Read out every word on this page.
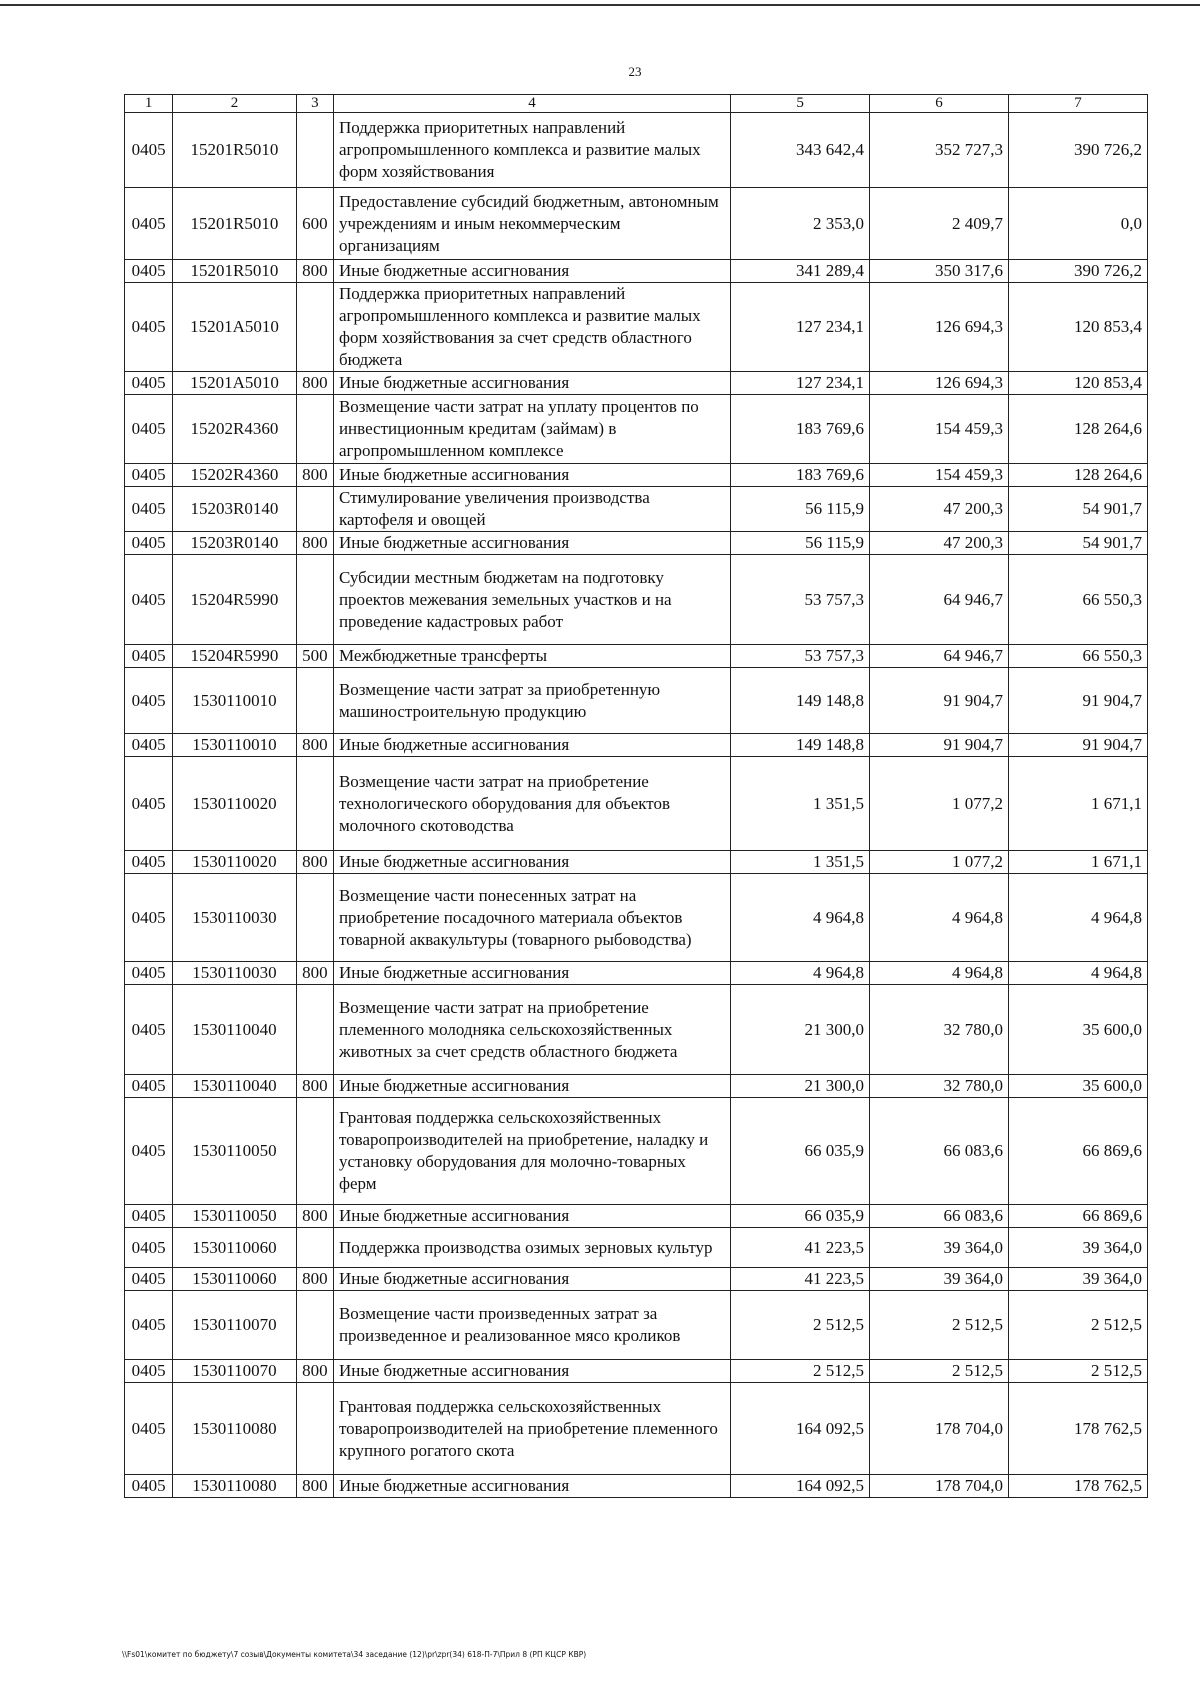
23
1	2	3	4	5	6	7
0405	15201R5010		Поддержка приоритетных направлений агропромышленного комплекса и развитие малых форм хозяйствования	343 642,4	352 727,3	390 726,2
0405	15201R5010	600	Предоставление субсидий бюджетным, автономным учреждениям и иным некоммерческим организациям	2 353,0	2 409,7	0,0
0405	15201R5010	800	Иные бюджетные ассигнования	341 289,4	350 317,6	390 726,2
0405	15201A5010		Поддержка приоритетных направлений агропромышленного комплекса и развитие малых форм хозяйствования за счет средств областного бюджета	127 234,1	126 694,3	120 853,4
0405	15201A5010	800	Иные бюджетные ассигнования	127 234,1	126 694,3	120 853,4
0405	15202R4360		Возмещение части затрат на уплату процентов по инвестиционным кредитам (займам) в агропромышленном комплексе	183 769,6	154 459,3	128 264,6
0405	15202R4360	800	Иные бюджетные ассигнования	183 769,6	154 459,3	128 264,6
0405	15203R0140		Стимулирование увеличения производства картофеля и овощей	56 115,9	47 200,3	54 901,7
0405	15203R0140	800	Иные бюджетные ассигнования	56 115,9	47 200,3	54 901,7
0405	15204R5990		Субсидии местным бюджетам на подготовку проектов межевания земельных участков и на проведение кадастровых работ	53 757,3	64 946,7	66 550,3
0405	15204R5990	500	Межбюджетные трансферты	53 757,3	64 946,7	66 550,3
0405	1530110010		Возмещение части затрат за приобретенную машиностроительную продукцию	149 148,8	91 904,7	91 904,7
0405	1530110010	800	Иные бюджетные ассигнования	149 148,8	91 904,7	91 904,7
0405	1530110020		Возмещение части затрат на приобретение технологического оборудования для объектов молочного скотоводства	1 351,5	1 077,2	1 671,1
0405	1530110020	800	Иные бюджетные ассигнования	1 351,5	1 077,2	1 671,1
0405	1530110030		Возмещение части понесенных затрат на приобретение посадочного материала объектов товарной аквакультуры (товарного рыбоводства)	4 964,8	4 964,8	4 964,8
0405	1530110030	800	Иные бюджетные ассигнования	4 964,8	4 964,8	4 964,8
0405	1530110040		Возмещение части затрат на приобретение племенного молодняка сельскохозяйственных животных за счет средств областного бюджета	21 300,0	32 780,0	35 600,0
0405	1530110040	800	Иные бюджетные ассигнования	21 300,0	32 780,0	35 600,0
0405	1530110050		Грантовая поддержка сельскохозяйственных товаропроизводителей на приобретение, наладку и установку оборудования для молочно-товарных ферм	66 035,9	66 083,6	66 869,6
0405	1530110050	800	Иные бюджетные ассигнования	66 035,9	66 083,6	66 869,6
0405	1530110060		Поддержка производства озимых зерновых культур	41 223,5	39 364,0	39 364,0
0405	1530110060	800	Иные бюджетные ассигнования	41 223,5	39 364,0	39 364,0
0405	1530110070		Возмещение части произведенных затрат за произведенное и реализованное мясо кроликов	2 512,5	2 512,5	2 512,5
0405	1530110070	800	Иные бюджетные ассигнования	2 512,5	2 512,5	2 512,5
0405	1530110080		Грантовая поддержка сельскохозяйственных товаропроизводителей на приобретение племенного крупного рогатого скота	164 092,5	178 704,0	178 762,5
0405	1530110080	800	Иные бюджетные ассигнования	164 092,5	178 704,0	178 762,5
\\Fs01\комитет по бюджету\7 созыв\Документы комитета\34 заседание (12)\pr\zpr(34) 618-П-7\Прил 8 (РП КЦСР КВР)
